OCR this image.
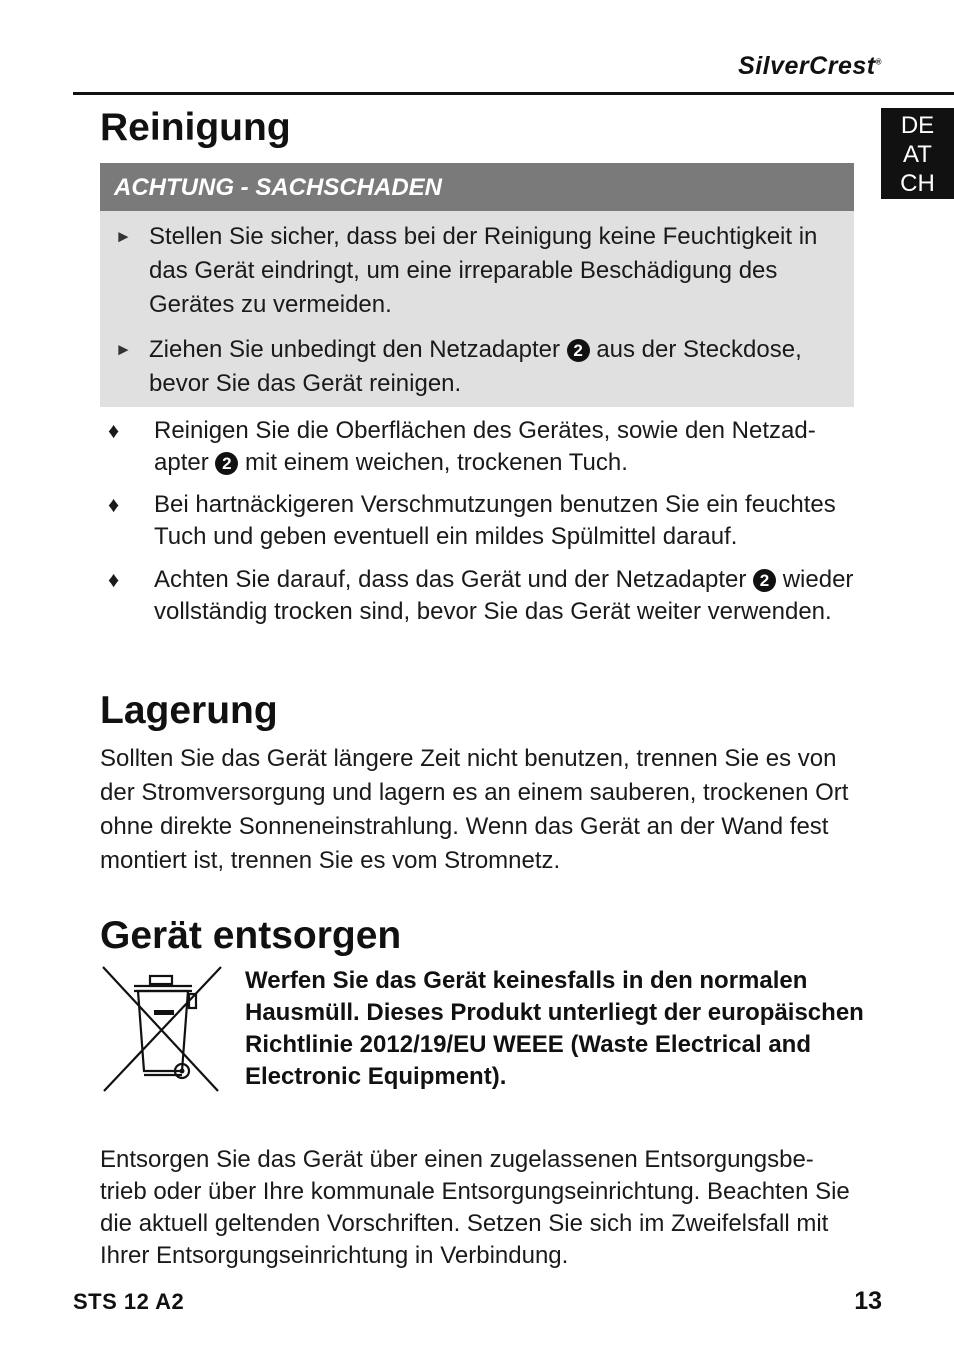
SilverCrest®
DE
AT
CH
Reinigung
ACHTUNG - SACHSCHADEN
► Stellen Sie sicher, dass bei der Reinigung keine Feuchtigkeit in das Gerät eindringt, um eine irreparable Beschädigung des Gerätes zu vermeiden.
► Ziehen Sie unbedingt den Netzadapter 2 aus der Steckdose, bevor Sie das Gerät reinigen.
♦ Reinigen Sie die Oberflächen des Gerätes, sowie den Netzad-apter 2 mit einem weichen, trockenen Tuch.
♦ Bei hartnäckigeren Verschmutzungen benutzen Sie ein feuchtes Tuch und geben eventuell ein mildes Spülmittel darauf.
♦ Achten Sie darauf, dass das Gerät und der Netzadapter 2 wieder vollständig trocken sind, bevor Sie das Gerät weiter verwenden.
Lagerung
Sollten Sie das Gerät längere Zeit nicht benutzen, trennen Sie es von der Stromversorgung und lagern es an einem sauberen, trockenen Ort ohne direkte Sonneneinstrahlung. Wenn das Gerät an der Wand fest montiert ist, trennen Sie es vom Stromnetz.
Gerät entsorgen
Werfen Sie das Gerät keinesfalls in den normalen Hausmüll. Dieses Produkt unterliegt der europäischen Richtlinie 2012/19/EU WEEE (Waste Electrical and Electronic Equipment).
Entsorgen Sie das Gerät über einen zugelassenen Entsorgungsbe-trieb oder über Ihre kommunale Entsorgungseinrichtung. Beachten Sie die aktuell geltenden Vorschriften. Setzen Sie sich im Zweifelsfall mit Ihrer Entsorgungseinrichtung in Verbindung.
STS 12 A2	13
